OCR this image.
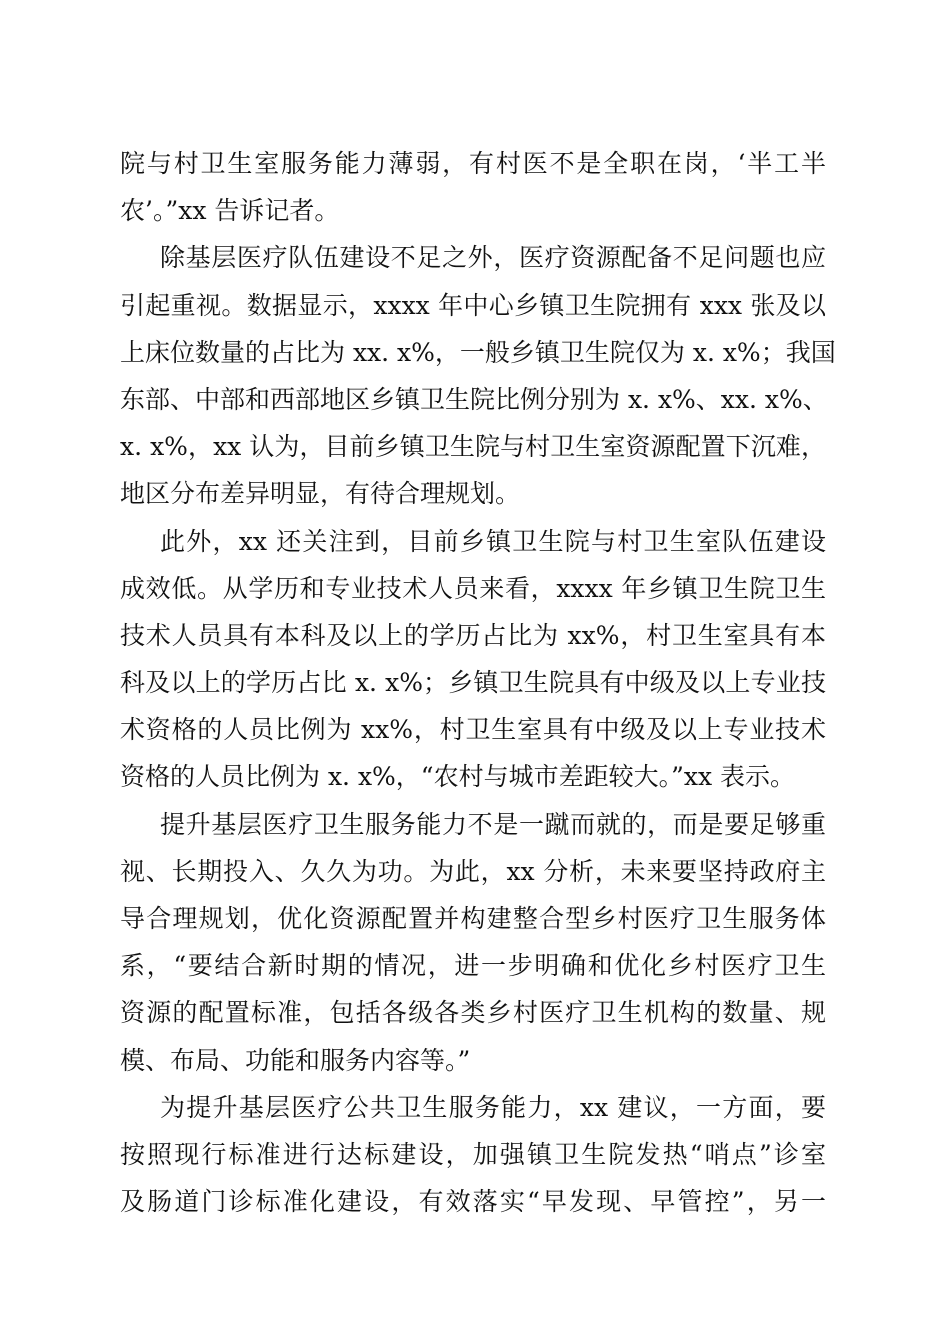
院与村卫生室服务能力薄弱，有村医不是全职在岗，‘半工半
农’。”xx 告诉记者。
除基层医疗队伍建设不足之外，医疗资源配备不足问题也应
引起重视。数据显示，xxxx 年中心乡镇卫生院拥有 xxx 张及以
上床位数量的占比为 xx. x%，一般乡镇卫生院仅为 x. x%；我国
东部、中部和西部地区乡镇卫生院比例分别为 x. x%、xx. x%、
x. x%，xx 认为，目前乡镇卫生院与村卫生室资源配置下沉难，
地区分布差异明显，有待合理规划。
此外，xx 还关注到，目前乡镇卫生院与村卫生室队伍建设
成效低。从学历和专业技术人员来看，xxxx 年乡镇卫生院卫生
技术人员具有本科及以上的学历占比为 xx%，村卫生室具有本
科及以上的学历占比 x. x%；乡镇卫生院具有中级及以上专业技
术资格的人员比例为 xx%，村卫生室具有中级及以上专业技术
资格的人员比例为 x. x%，“农村与城市差距较大。”xx 表示。
提升基层医疗卫生服务能力不是一蹴而就的，而是要足够重
视、长期投入、久久为功。为此，xx 分析，未来要坚持政府主
导合理规划，优化资源配置并构建整合型乡村医疗卫生服务体
系，“要结合新时期的情况，进一步明确和优化乡村医疗卫生
资源的配置标准，包括各级各类乡村医疗卫生机构的数量、规
模、布局、功能和服务内容等。”
为提升基层医疗公共卫生服务能力，xx 建议，一方面，要
按照现行标准进行达标建设，加强镇卫生院发热“哨点”诊室
及肠道门诊标准化建设，有效落实“早发现、早管控”，另一
